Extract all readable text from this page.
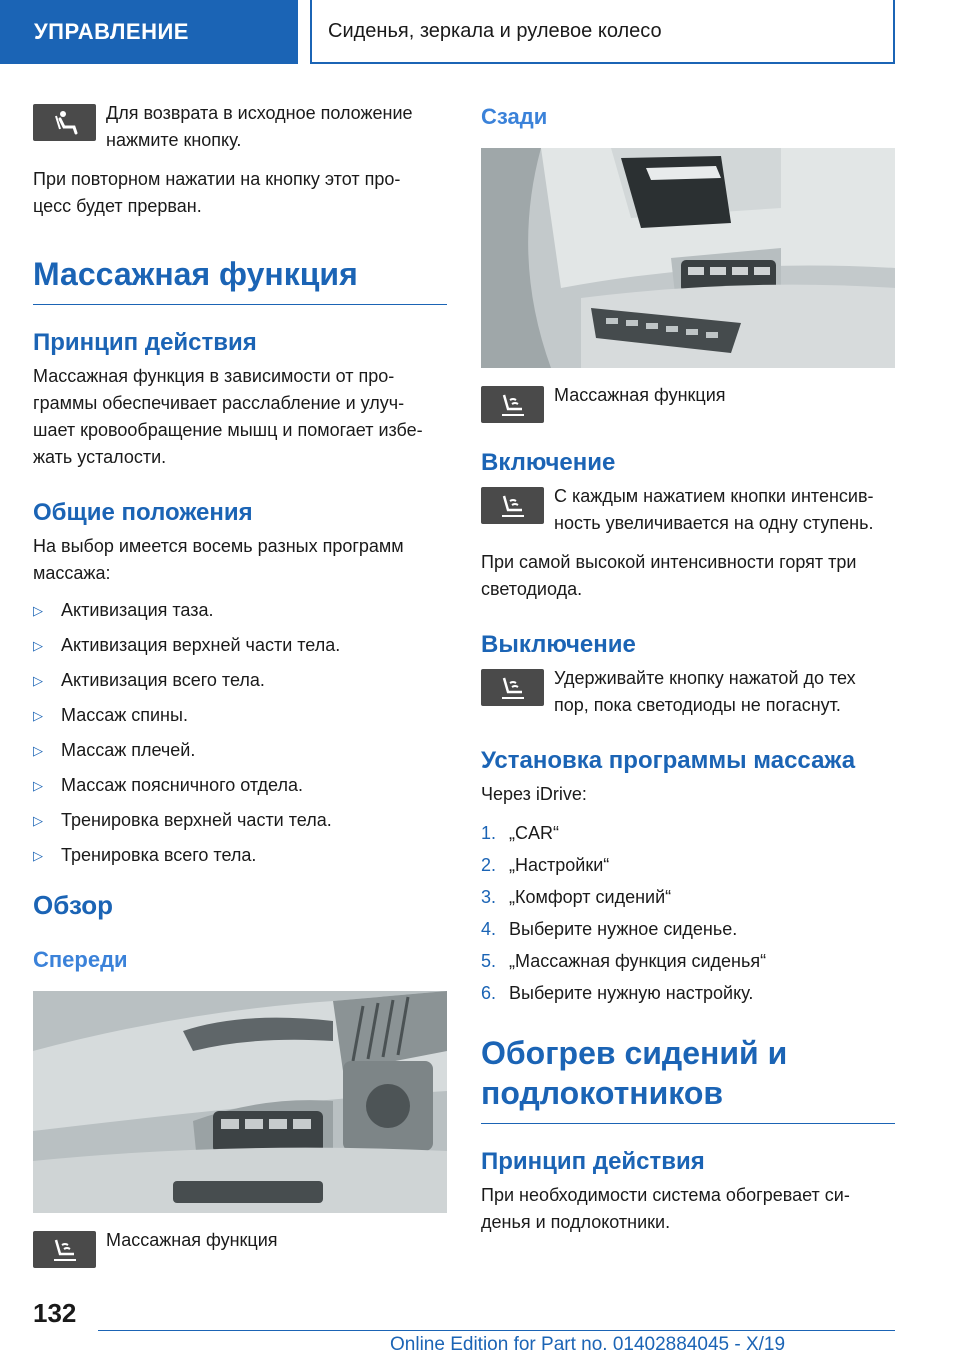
УПРАВЛЕНИЕ	Сиденья, зеркала и рулевое колесо

Для возврата в исходное положение нажмите кнопку.

При повторном нажатии на кнопку этот про- цесс будет прерван.

Массажная функция
Принцип действия

Массажная функция в зависимости от про- граммы обеспечивает расслабление и улуч- шает кровообращение мышц и помогает избе- жать усталости.

Общие положения

На выбор имеется восемь разных программ массажа:

▷	Активизация таза.
▷	Активизация верхней части тела.
▷	Активизация всего тела.
▷	Массаж спины.
▷	Массаж плечей.
▷	Массаж поясничного отдела.
▷	Тренировка верхней части тела.
▷	Тренировка всего тела.
Обзор
Спереди

Массажная функция

Сзади

Массажная функция

Включение

С каждым нажатием кнопки интенсив- ность увеличивается на одну ступень.

При самой высокой интенсивности горят три светодиода.

Выключение

Удерживайте кнопку нажатой до тех пор, пока светодиоды не погаснут.

Установка программы массажа

Через iDrive:

1. „CAR“
2. „Настройки“
3. „Комфорт сидений“
4. Выберите нужное сиденье.
5. „Массажная функция сиденья“
6. Выберите нужную настройку.
Обогрев сидений и подлокотников
Принцип действия

При необходимости система обогревает си- денья и подлокотники.

132
Online Edition for Part no. 01402884045 - X/19
